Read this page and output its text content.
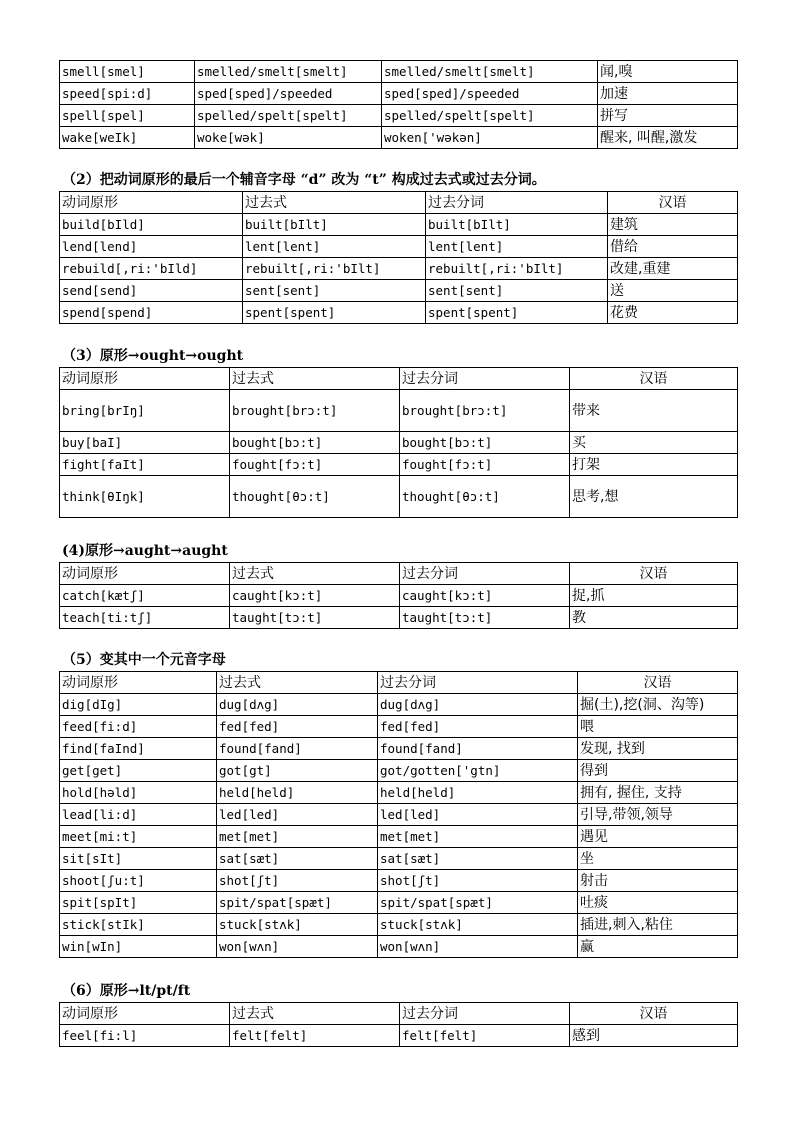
smell[smel]	smelled/smelt[smelt]	smelled/smelt[smelt]	闻,嗅
speed[spi:d]	sped[sped]/speeded	sped[sped]/speeded	加速
spell[spel]	spelled/spelt[spelt]	spelled/spelt[spelt]	拼写
wake[weIk]	woke[wək]	woken['wəkən]	醒来, 叫醒,激发
（2）把动词原形的最后一个辅音字母 “d” 改为 “t” 构成过去式或过去分词。
动词原形	过去式	过去分词	汉语
build[bIld]	built[bIlt]	built[bIlt]	建筑
lend[lend]	lent[lent]	lent[lent]	借给
rebuild[,ri:'bIld]	rebuilt[,ri:'bIlt]	rebuilt[,ri:'bIlt]	改建,重建
send[send]	sent[sent]	sent[sent]	送
spend[spend]	spent[spent]	spent[spent]	花费
（3）原形→ought→ought
动词原形	过去式	过去分词	汉语
bring[brIŋ]	brought[brɔ:t]	brought[brɔ:t]	带来
buy[baI]	bought[bɔ:t]	bought[bɔ:t]	买
fight[faIt]	fought[fɔ:t]	fought[fɔ:t]	打架
think[θIŋk]	thought[θɔ:t]	thought[θɔ:t]	思考,想
(4)原形→aught→aught
动词原形	过去式	过去分词	汉语
catch[kætʃ]	caught[kɔ:t]	caught[kɔ:t]	捉,抓
teach[ti:tʃ]	taught[tɔ:t]	taught[tɔ:t]	教
（5）变其中一个元音字母
动词原形	过去式	过去分词	汉语
dig[dIg]	dug[dʌg]	dug[dʌg]	掘(土),挖(洞、沟等)
feed[fi:d]	fed[fed]	fed[fed]	喂
find[faInd]	found[fand]	found[fand]	发现, 找到
get[get]	got[gt]	got/gotten['gtn]	得到
hold[həld]	held[held]	held[held]	拥有, 握住, 支持
lead[li:d]	led[led]	led[led]	引导,带领,领导
meet[mi:t]	met[met]	met[met]	遇见
sit[sIt]	sat[sæt]	sat[sæt]	坐
shoot[ʃu:t]	shot[ʃt]	shot[ʃt]	射击
spit[spIt]	spit/spat[spæt]	spit/spat[spæt]	吐痰
stick[stIk]	stuck[stʌk]	stuck[stʌk]	插进,刺入,粘住
win[wIn]	won[wʌn]	won[wʌn]	赢
（6）原形→lt/pt/ft
动词原形	过去式	过去分词	汉语
feel[fi:l]	felt[felt]	felt[felt]	感到
